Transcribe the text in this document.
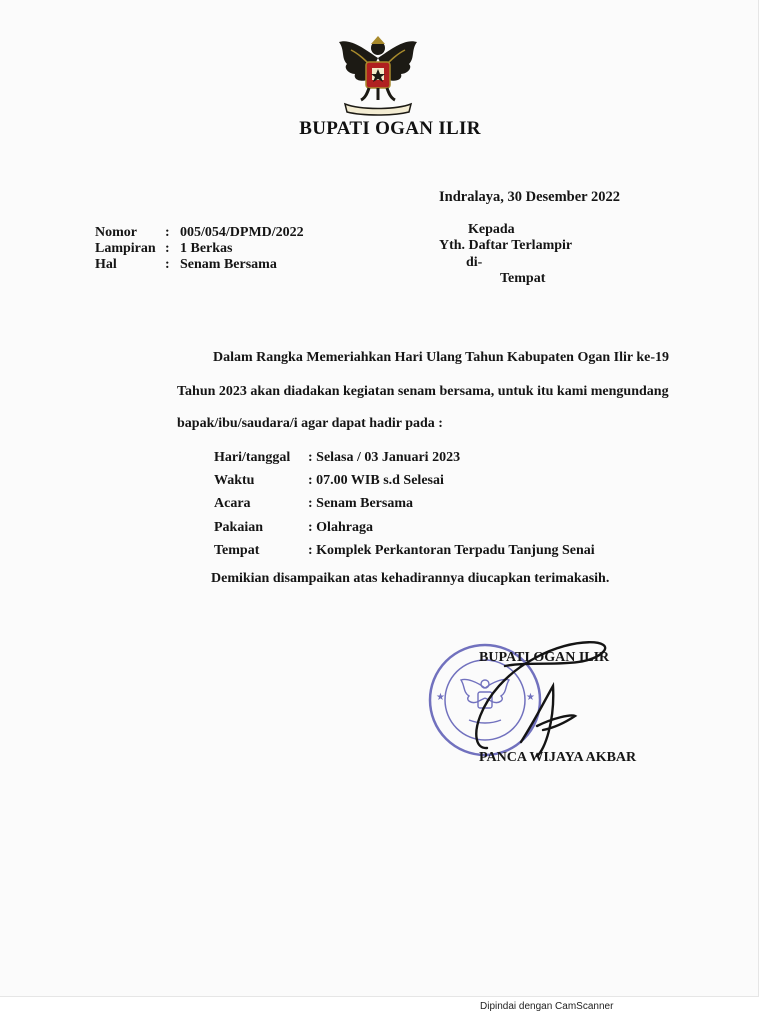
BUPATI OGAN ILIR
Indralaya, 30 Desember 2022
Nomor	: 005/054/DPMD/2022
Lampiran : 1 Berkas
Hal	: Senam Bersama
Kepada
Yth. Daftar Terlampir
di-
Tempat
Dalam Rangka Memeriahkan Hari Ulang Tahun Kabupaten Ogan Ilir ke-19
Tahun 2023 akan diadakan kegiatan senam bersama, untuk itu kami mengundang
bapak/ibu/saudara/i agar dapat hadir pada :
Hari/tanggal	: Selasa / 03 Januari 2023
Waktu	: 07.00 WIB s.d Selesai
Acara	: Senam Bersama
Pakaian	: Olahraga
Tempat	: Komplek Perkantoran Terpadu Tanjung Senai
Demikian disampaikan atas kehadirannya diucapkan terimakasih.
★	★
BUPATI OGAN ILIR
PANCA WIJAYA AKBAR
Dipindai dengan CamScanner
